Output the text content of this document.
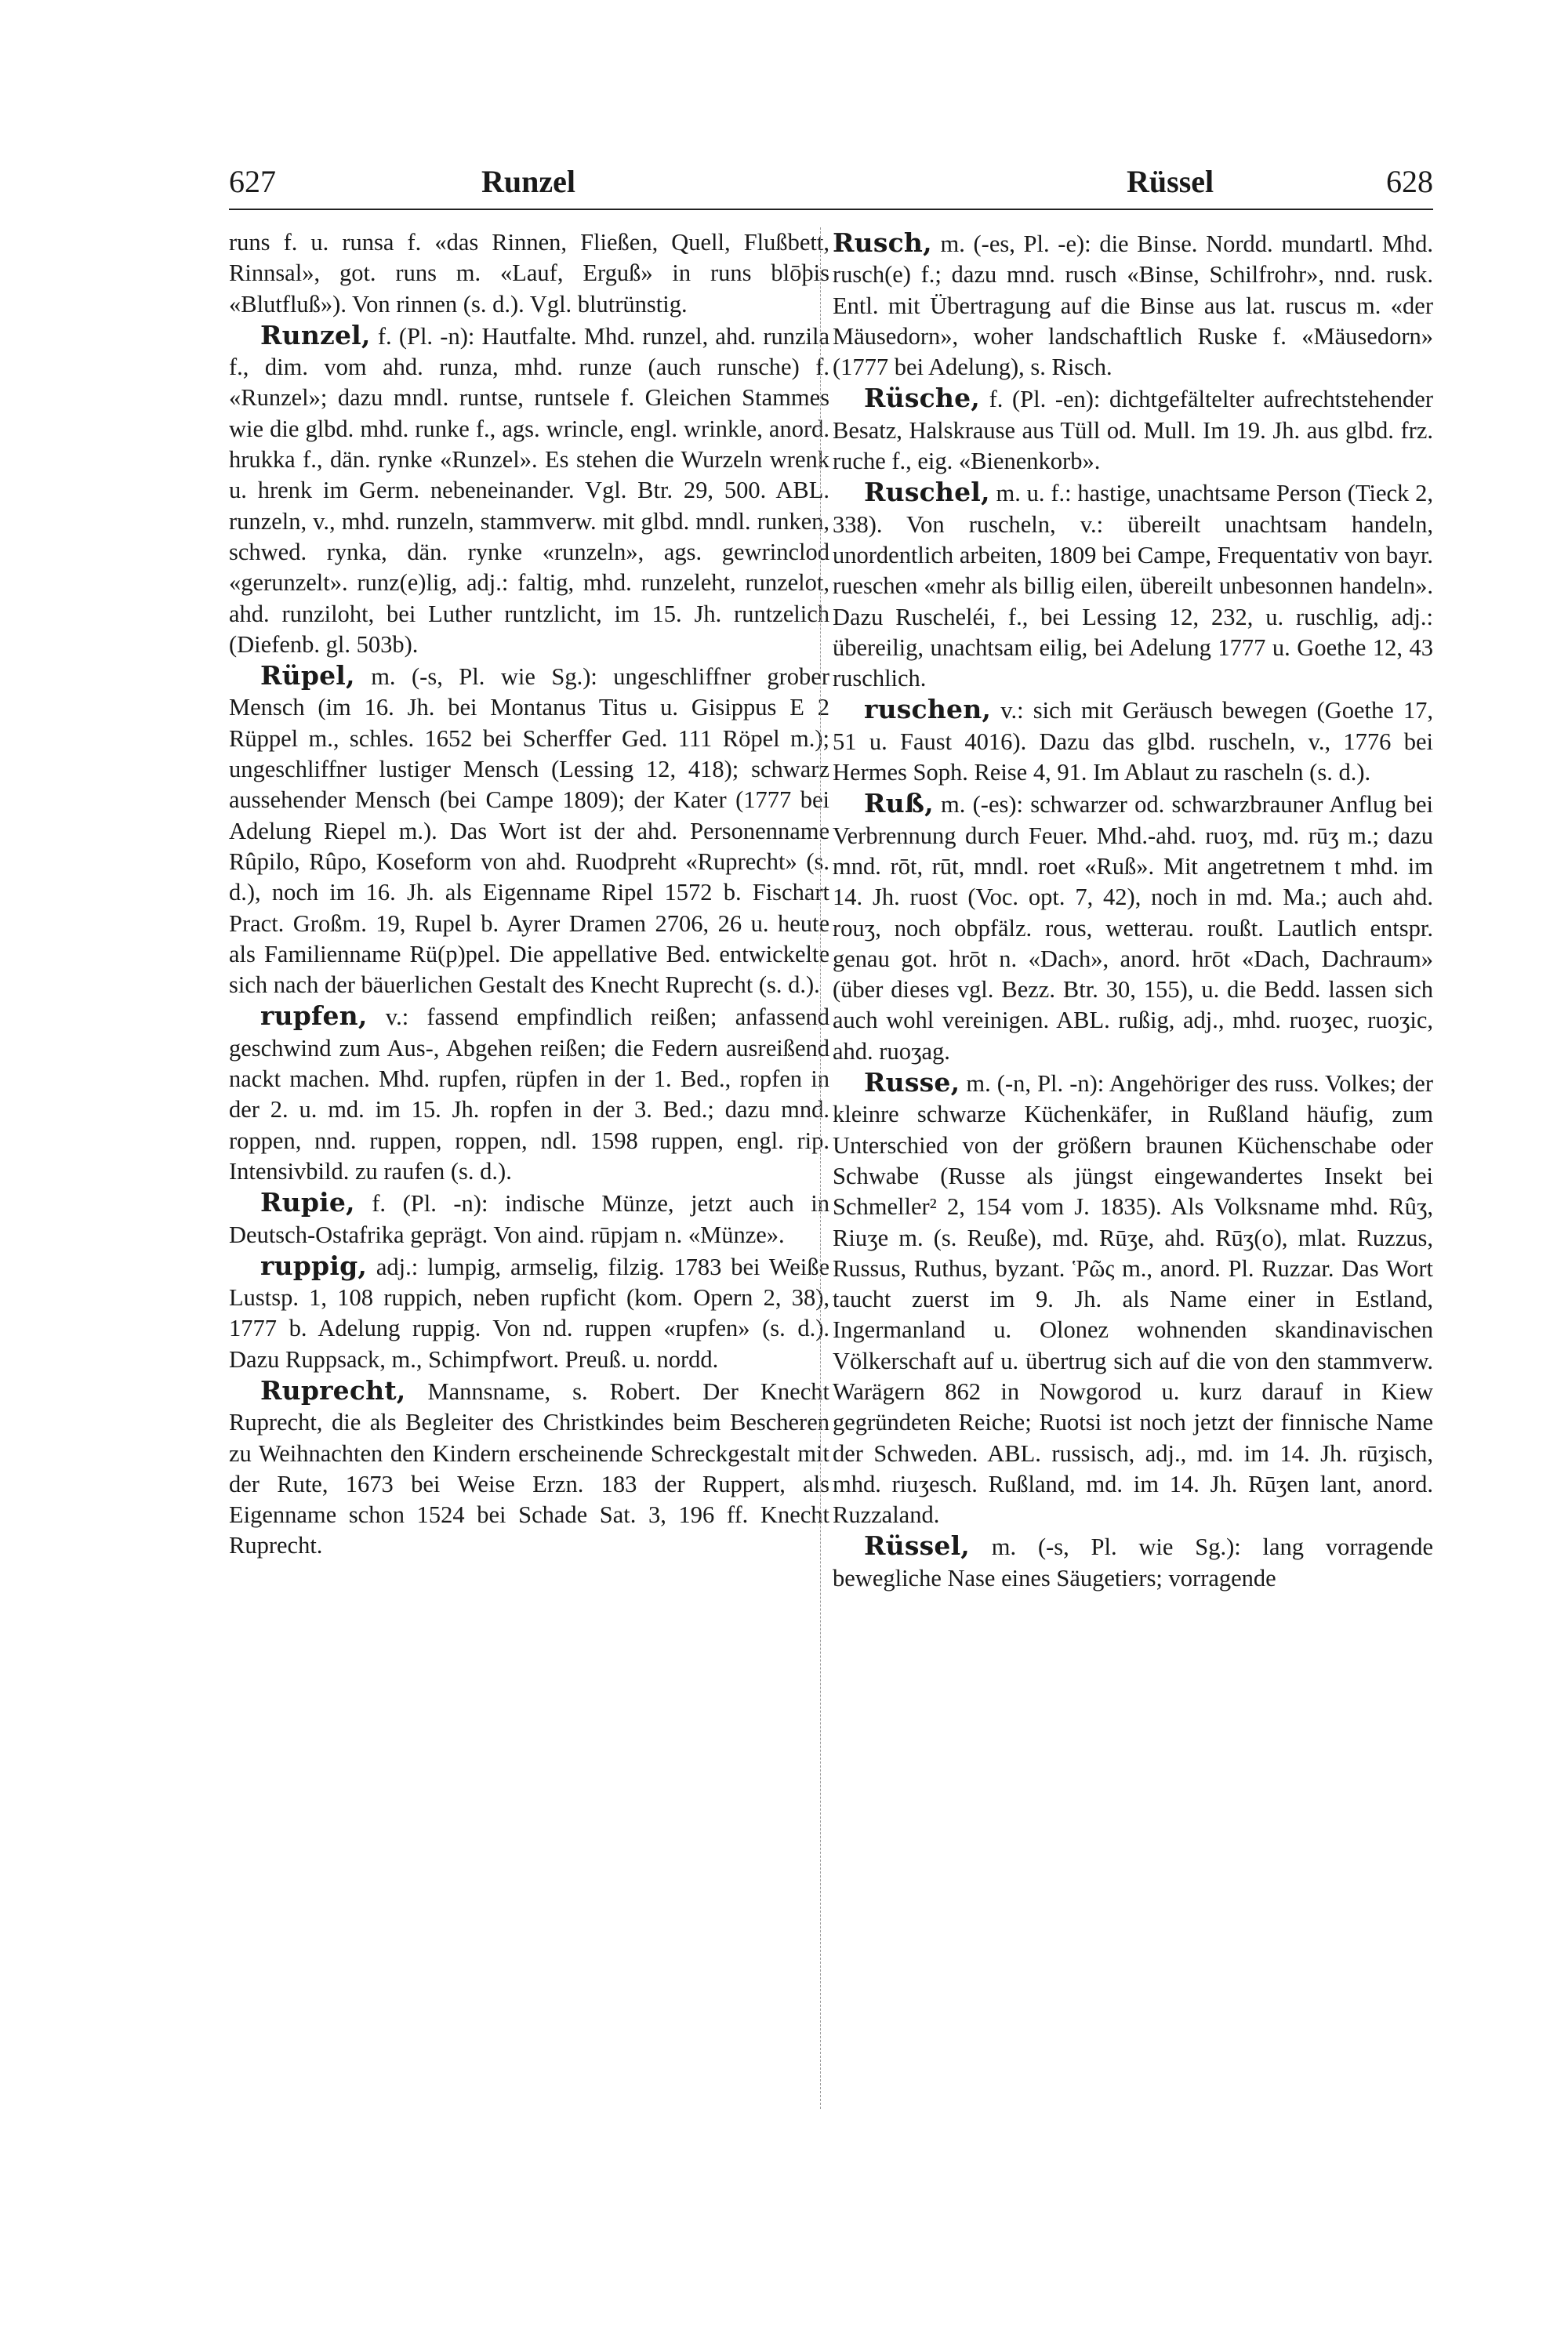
627	Runzel	Rüssel	628

runs f. u. runsa f. «das Rinnen, Fließen, Quell, Flußbett, Rinnsal», got. runs m. «Lauf, Erguß» in runs blōþis «Blutfluß»). Von rinnen (s. d.). Vgl. blutrünstig.

Runzel, f. (Pl. -n): Hautfalte. Mhd. runzel, ahd. runzila f., dim. vom ahd. runza, mhd. runze (auch runsche) f. «Runzel»; dazu mndl. runtse, runtsele f. Gleichen Stammes wie die glbd. mhd. runke f., ags. wrincle, engl. wrinkle, anord. hrukka f., dän. rynke «Runzel». Es stehen die Wurzeln wrenk u. hrenk im Germ. nebeneinander. Vgl. Btr. 29, 500. ABL. runzeln, v., mhd. runzeln, stammverw. mit glbd. mndl. runken, schwed. rynka, dän. rynke «runzeln», ags. gewrinclod «gerunzelt». runz(e)lig, adj.: faltig, mhd. runzeleht, runzelot, ahd. runziloht, bei Luther runtzlicht, im 15. Jh. runtzelich (Diefenb. gl. 503b).

Rüpel, m. (-s, Pl. wie Sg.): ungeschliffner grober Mensch (im 16. Jh. bei Montanus Titus u. Gisippus E 2 Rüppel m., schles. 1652 bei Scherffer Ged. 111 Röpel m.); ungeschliffner lustiger Mensch (Lessing 12, 418); schwarz aussehender Mensch (bei Campe 1809); der Kater (1777 bei Adelung Riepel m.). Das Wort ist der ahd. Personenname Rûpilo, Rûpo, Koseform von ahd. Ruodpreht «Ruprecht» (s. d.), noch im 16. Jh. als Eigenname Ripel 1572 b. Fischart Pract. Großm. 19, Rupel b. Ayrer Dramen 2706, 26 u. heute als Familienname Rü(p)pel. Die appellative Bed. entwickelte sich nach der bäuerlichen Gestalt des Knecht Ruprecht (s. d.).

rupfen, v.: fassend empfindlich reißen; anfassend geschwind zum Aus-, Abgehen reißen; die Federn ausreißend nackt machen. Mhd. rupfen, rüpfen in der 1. Bed., ropfen in der 2. u. md. im 15. Jh. ropfen in der 3. Bed.; dazu mnd. roppen, nnd. ruppen, roppen, ndl. 1598 ruppen, engl. rip. Intensivbild. zu raufen (s. d.).

Rupie, f. (Pl. -n): indische Münze, jetzt auch in Deutsch-Ostafrika geprägt. Von aind. rūpjam n. «Münze».

ruppig, adj.: lumpig, armselig, filzig. 1783 bei Weiße Lustsp. 1, 108 ruppich, neben rupficht (kom. Opern 2, 38), 1777 b. Adelung ruppig. Von nd. ruppen «rupfen» (s. d.). Dazu Ruppsack, m., Schimpfwort. Preuß. u. nordd.

Ruprecht, Mannsname, s. Robert. Der Knecht Ruprecht, die als Begleiter des Christkindes beim Bescheren zu Weihnachten den Kindern erscheinende Schreckgestalt mit der Rute, 1673 bei Weise Erzn. 183 der Ruppert, als Eigenname schon 1524 bei Schade Sat. 3, 196 ff. Knecht Ruprecht.

Rusch, m. (-es, Pl. -e): die Binse. Nordd. mundartl. Mhd. rusch(e) f.; dazu mnd. rusch «Binse, Schilfrohr», nnd. rusk. Entl. mit Übertragung auf die Binse aus lat. ruscus m. «der Mäusedorn», woher landschaftlich Ruske f. «Mäusedorn» (1777 bei Adelung), s. Risch.

Rüsche, f. (Pl. -en): dichtgefältelter aufrechtstehender Besatz, Halskrause aus Tüll od. Mull. Im 19. Jh. aus glbd. frz. ruche f., eig. «Bienenkorb».

Ruschel, m. u. f.: hastige, unachtsame Person (Tieck 2, 338). Von ruscheln, v.: übereilt unachtsam handeln, unordentlich arbeiten, 1809 bei Campe, Frequentativ von bayr. rueschen «mehr als billig eilen, übereilt unbesonnen handeln». Dazu Ruscheléi, f., bei Lessing 12, 232, u. ruschlig, adj.: übereilig, unachtsam eilig, bei Adelung 1777 u. Goethe 12, 43 ruschlich.

ruschen, v.: sich mit Geräusch bewegen (Goethe 17, 51 u. Faust 4016). Dazu das glbd. ruscheln, v., 1776 bei Hermes Soph. Reise 4, 91. Im Ablaut zu rascheln (s. d.).

Ruß, m. (-es): schwarzer od. schwarzbrauner Anflug bei Verbrennung durch Feuer. Mhd.-ahd. ruoʒ, md. rūʒ m.; dazu mnd. rōt, rūt, mndl. roet «Ruß». Mit angetretnem t mhd. im 14. Jh. ruost (Voc. opt. 7, 42), noch in md. Ma.; auch ahd. rouʒ, noch obpfälz. rous, wetterau. roußt. Lautlich entspr. genau got. hrōt n. «Dach», anord. hrōt «Dach, Dachraum» (über dieses vgl. Bezz. Btr. 30, 155), u. die Bedd. lassen sich auch wohl vereinigen. ABL. rußig, adj., mhd. ruoʒec, ruoʒic, ahd. ruoʒag.

Russe, m. (-n, Pl. -n): Angehöriger des russ. Volkes; der kleinre schwarze Küchenkäfer, in Rußland häufig, zum Unterschied von der größern braunen Küchenschabe oder Schwabe (Russe als jüngst eingewandertes Insekt bei Schmeller² 2, 154 vom J. 1835). Als Volksname mhd. Rûʒ, Riuʒe m. (s. Reuße), md. Rūʒe, ahd. Rūʒ(o), mlat. Ruzzus, Russus, Ruthus, byzant. Ῥῶς m., anord. Pl. Ruzzar. Das Wort taucht zuerst im 9. Jh. als Name einer in Estland, Ingermanland u. Olonez wohnenden skandinavischen Völkerschaft auf u. übertrug sich auf die von den stammverw. Warägern 862 in Nowgorod u. kurz darauf in Kiew gegründeten Reiche; Ruotsi ist noch jetzt der finnische Name der Schweden. ABL. russisch, adj., md. im 14. Jh. rūʒisch, mhd. riuʒesch. Rußland, md. im 14. Jh. Rūʒen lant, anord. Ruzzaland.

Rüssel, m. (-s, Pl. wie Sg.): lang vorragende bewegliche Nase eines Säugetiers; vorragende
